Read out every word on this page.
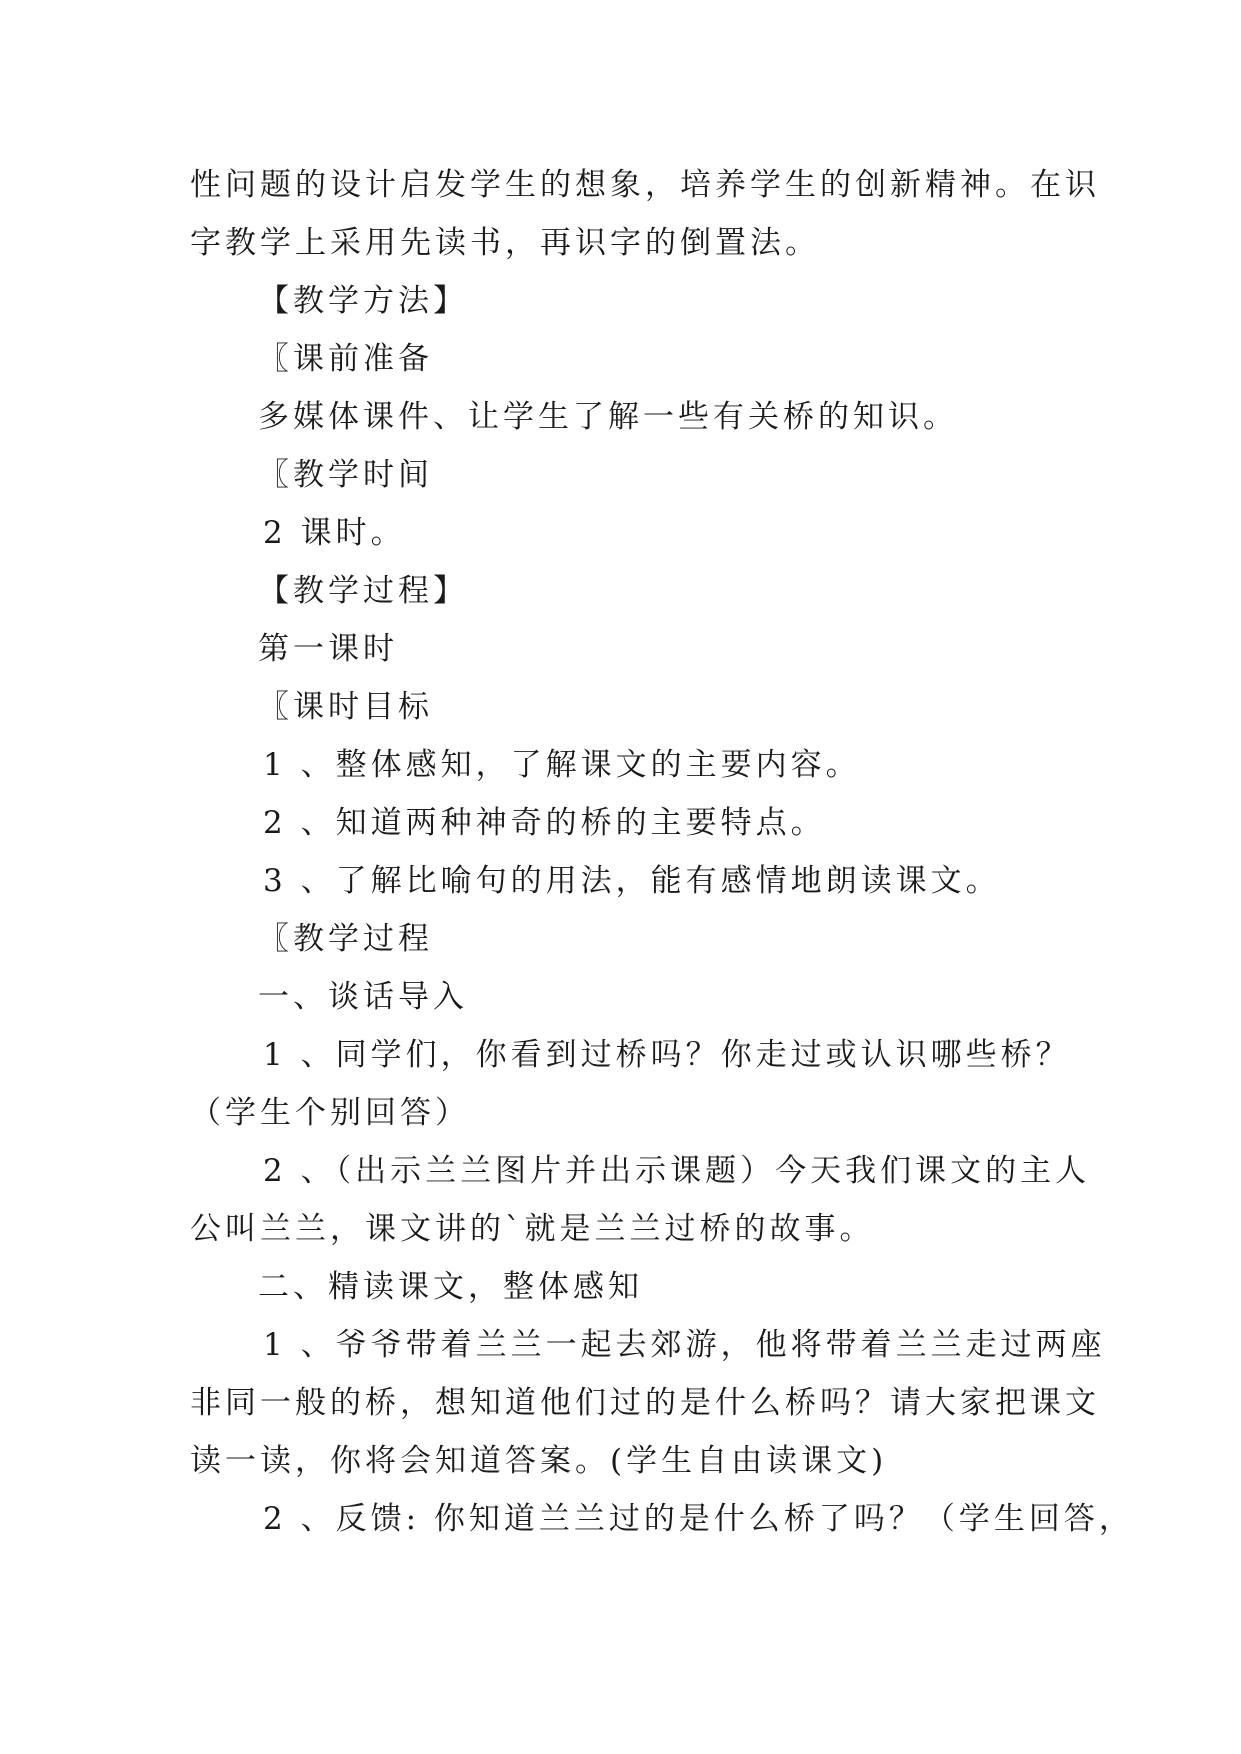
性问题的设计启发学生的想象，培养学生的创新精神。在识
字教学上采用先读书，再识字的倒置法。
【教学方法】
〖课前准备
多媒体课件、让学生了解一些有关桥的知识。
〖教学时间
2 课时。
【教学过程】
第一课时
〖课时目标
1 、整体感知，了解课文的主要内容。
2 、知道两种神奇的桥的主要特点。
3 、了解比喻句的用法，能有感情地朗读课文。
〖教学过程
一、谈话导入
1 、同学们，你看到过桥吗？你走过或认识哪些桥？
（学生个别回答）
2 、（出示兰兰图片并出示课题）今天我们课文的主人
公叫兰兰，课文讲的`就是兰兰过桥的故事。
二、精读课文，整体感知
1 、爷爷带着兰兰一起去郊游，他将带着兰兰走过两座
非同一般的桥，想知道他们过的是什么桥吗？请大家把课文
读一读，你将会知道答案。(学生自由读课文)
2 、反馈: 你知道兰兰过的是什么桥了吗？（学生回答，
